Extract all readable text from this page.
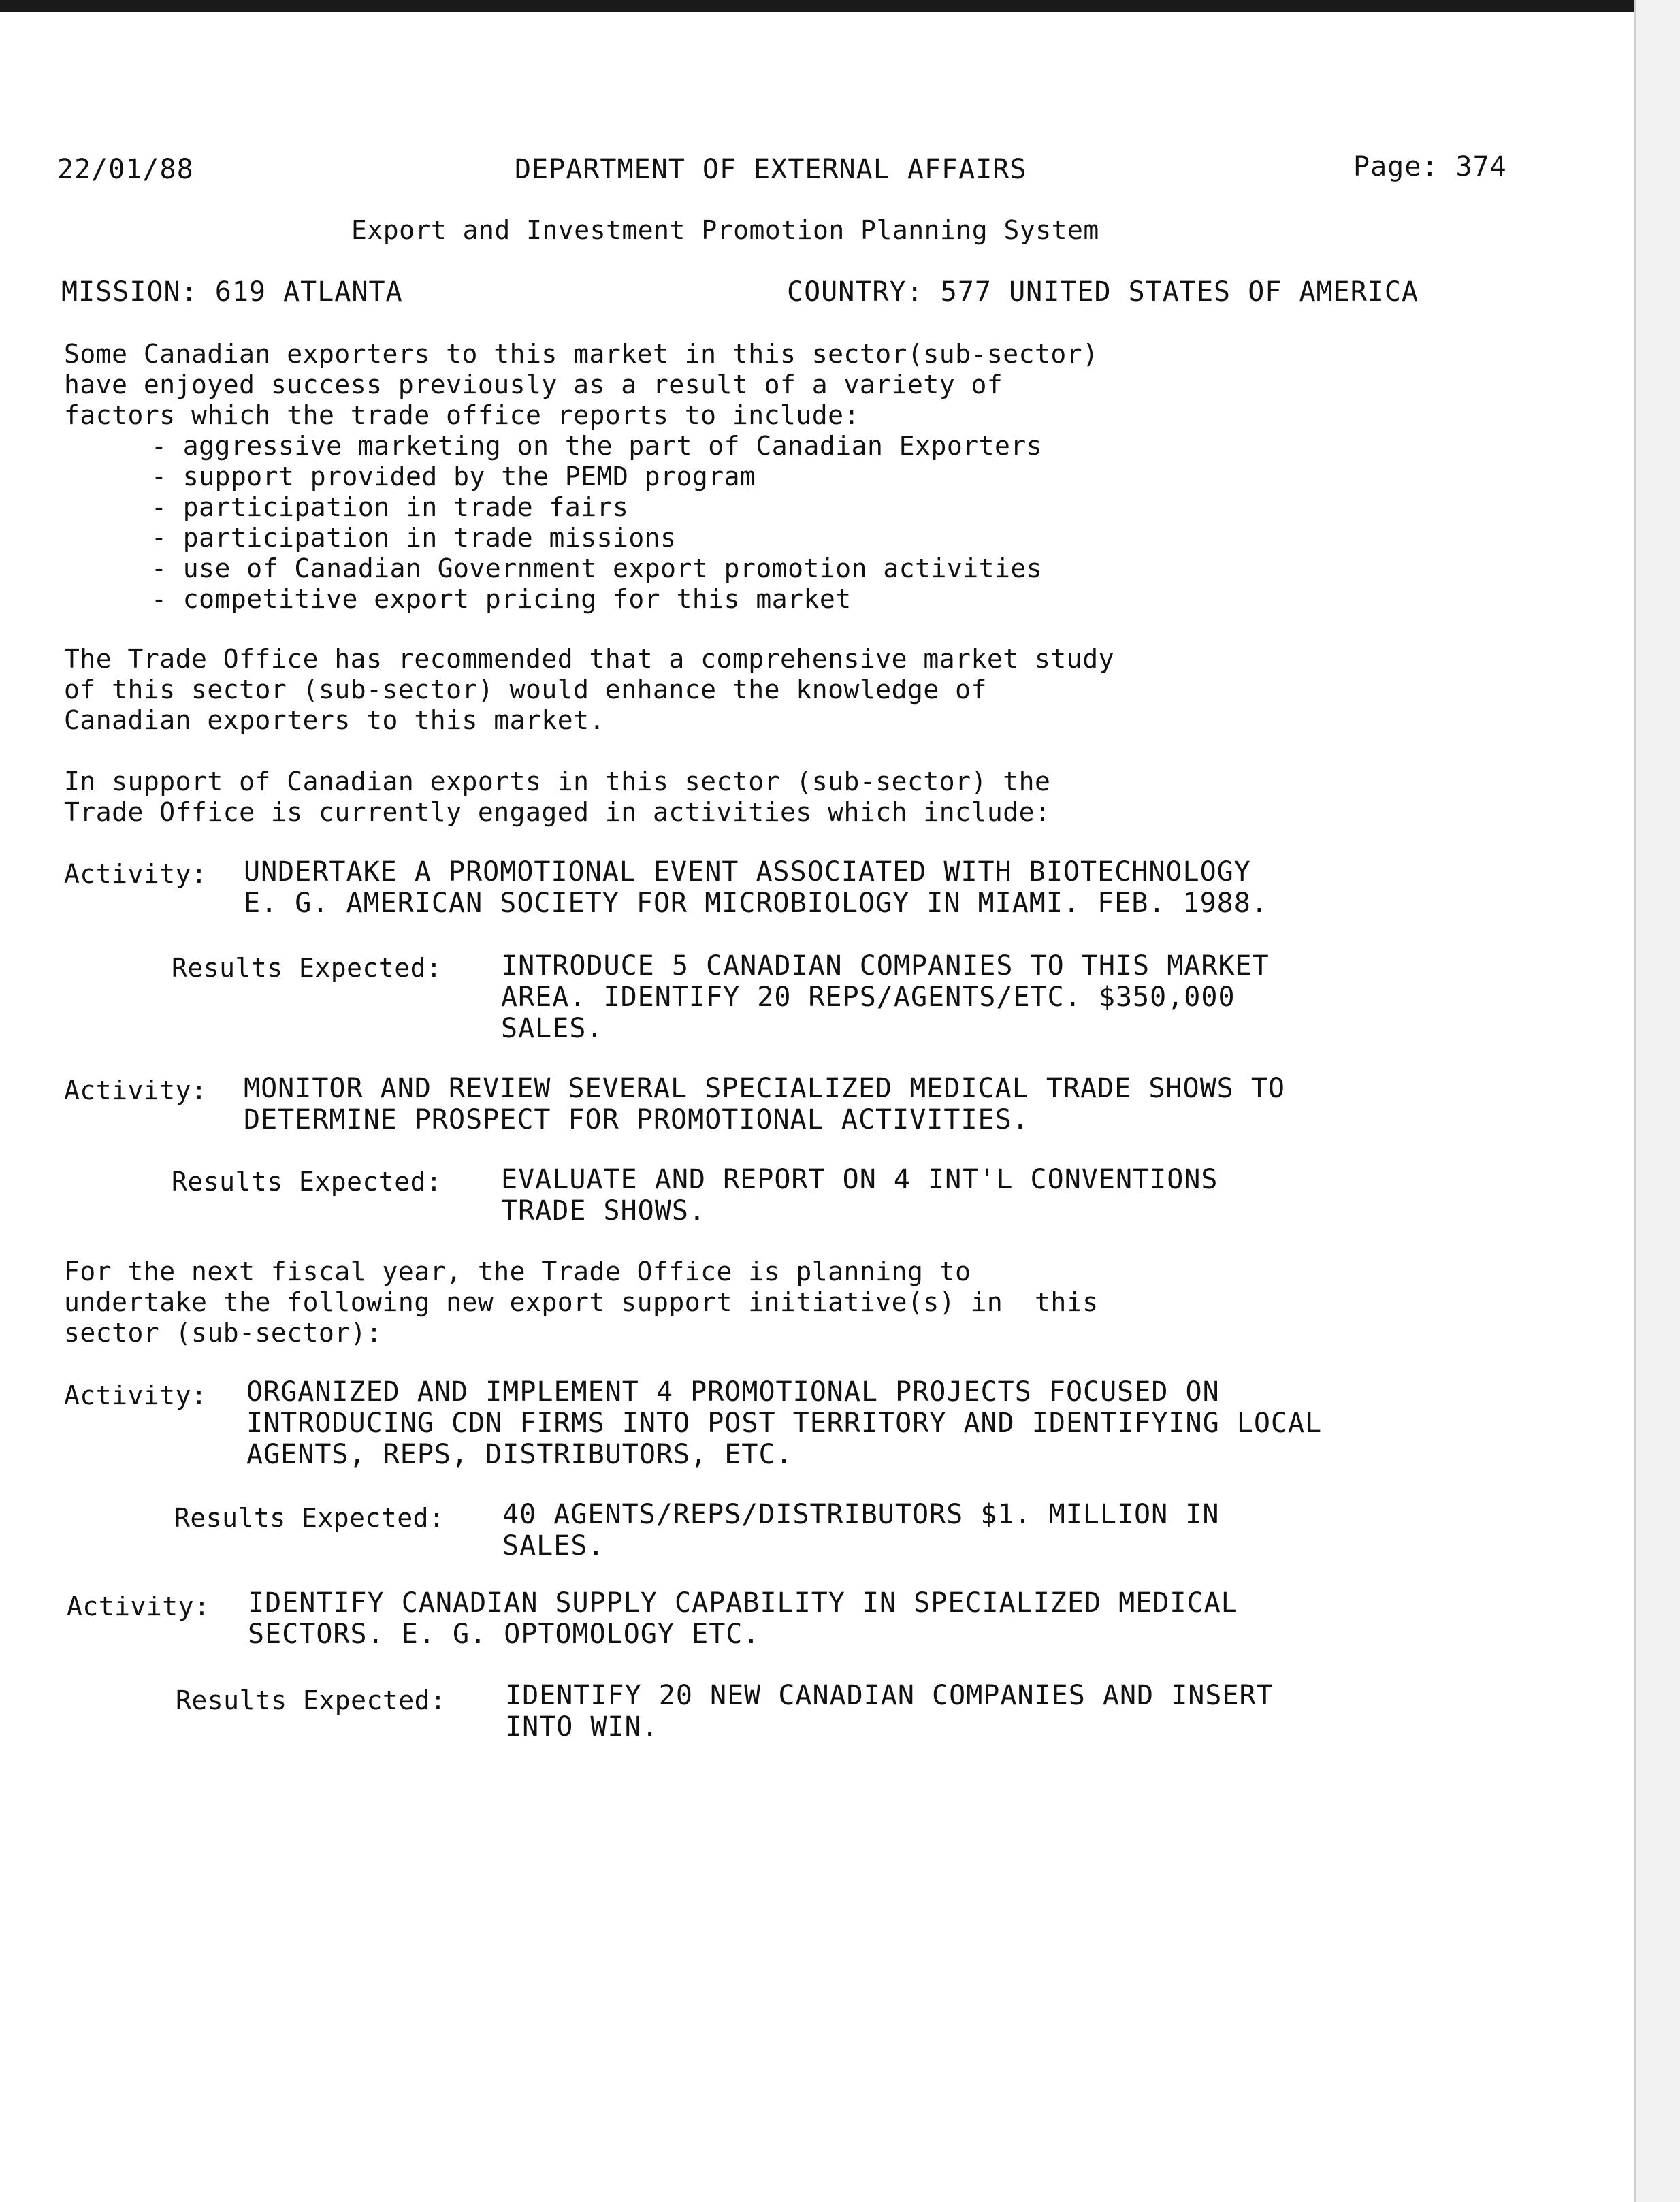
22/01/88	DEPARTMENT OF EXTERNAL AFFAIRS	Page: 374
Export and Investment Promotion Planning System
MISSION: 619 ATLANTA	COUNTRY: 577 UNITED STATES OF AMERICA
Some Canadian exporters to this market in this sector(sub-sector)
have enjoyed success previously as a result of a variety of
factors which the trade office reports to include:
- aggressive marketing on the part of Canadian Exporters
- support provided by the PEMD program
- participation in trade fairs
- participation in trade missions
- use of Canadian Government export promotion activities
- competitive export pricing for this market
The Trade Office has recommended that a comprehensive market study
of this sector (sub-sector) would enhance the knowledge of
Canadian exporters to this market.
In support of Canadian exports in this sector (sub-sector) the
Trade Office is currently engaged in activities which include:
Activity: UNDERTAKE A PROMOTIONAL EVENT ASSOCIATED WITH BIOTECHNOLOGY
E. G. AMERICAN SOCIETY FOR MICROBIOLOGY IN MIAMI. FEB. 1988.
Results Expected: INTRODUCE 5 CANADIAN COMPANIES TO THIS MARKET
AREA. IDENTIFY 20 REPS/AGENTS/ETC. $350,000
SALES.
Activity: MONITOR AND REVIEW SEVERAL SPECIALIZED MEDICAL TRADE SHOWS TO
DETERMINE PROSPECT FOR PROMOTIONAL ACTIVITIES.
Results Expected: EVALUATE AND REPORT ON 4 INT'L CONVENTIONS
TRADE SHOWS.
For the next fiscal year, the Trade Office is planning to
undertake the following new export support initiative(s) in  this
sector (sub-sector):
Activity: ORGANIZED AND IMPLEMENT 4 PROMOTIONAL PROJECTS FOCUSED ON
INTRODUCING CDN FIRMS INTO POST TERRITORY AND IDENTIFYING LOCAL
AGENTS, REPS, DISTRIBUTORS, ETC.
Results Expected: 40 AGENTS/REPS/DISTRIBUTORS $1. MILLION IN
SALES.
Activity: IDENTIFY CANADIAN SUPPLY CAPABILITY IN SPECIALIZED MEDICAL
SECTORS. E. G. OPTOMOLOGY ETC.
Results Expected: IDENTIFY 20 NEW CANADIAN COMPANIES AND INSERT
INTO WIN.
